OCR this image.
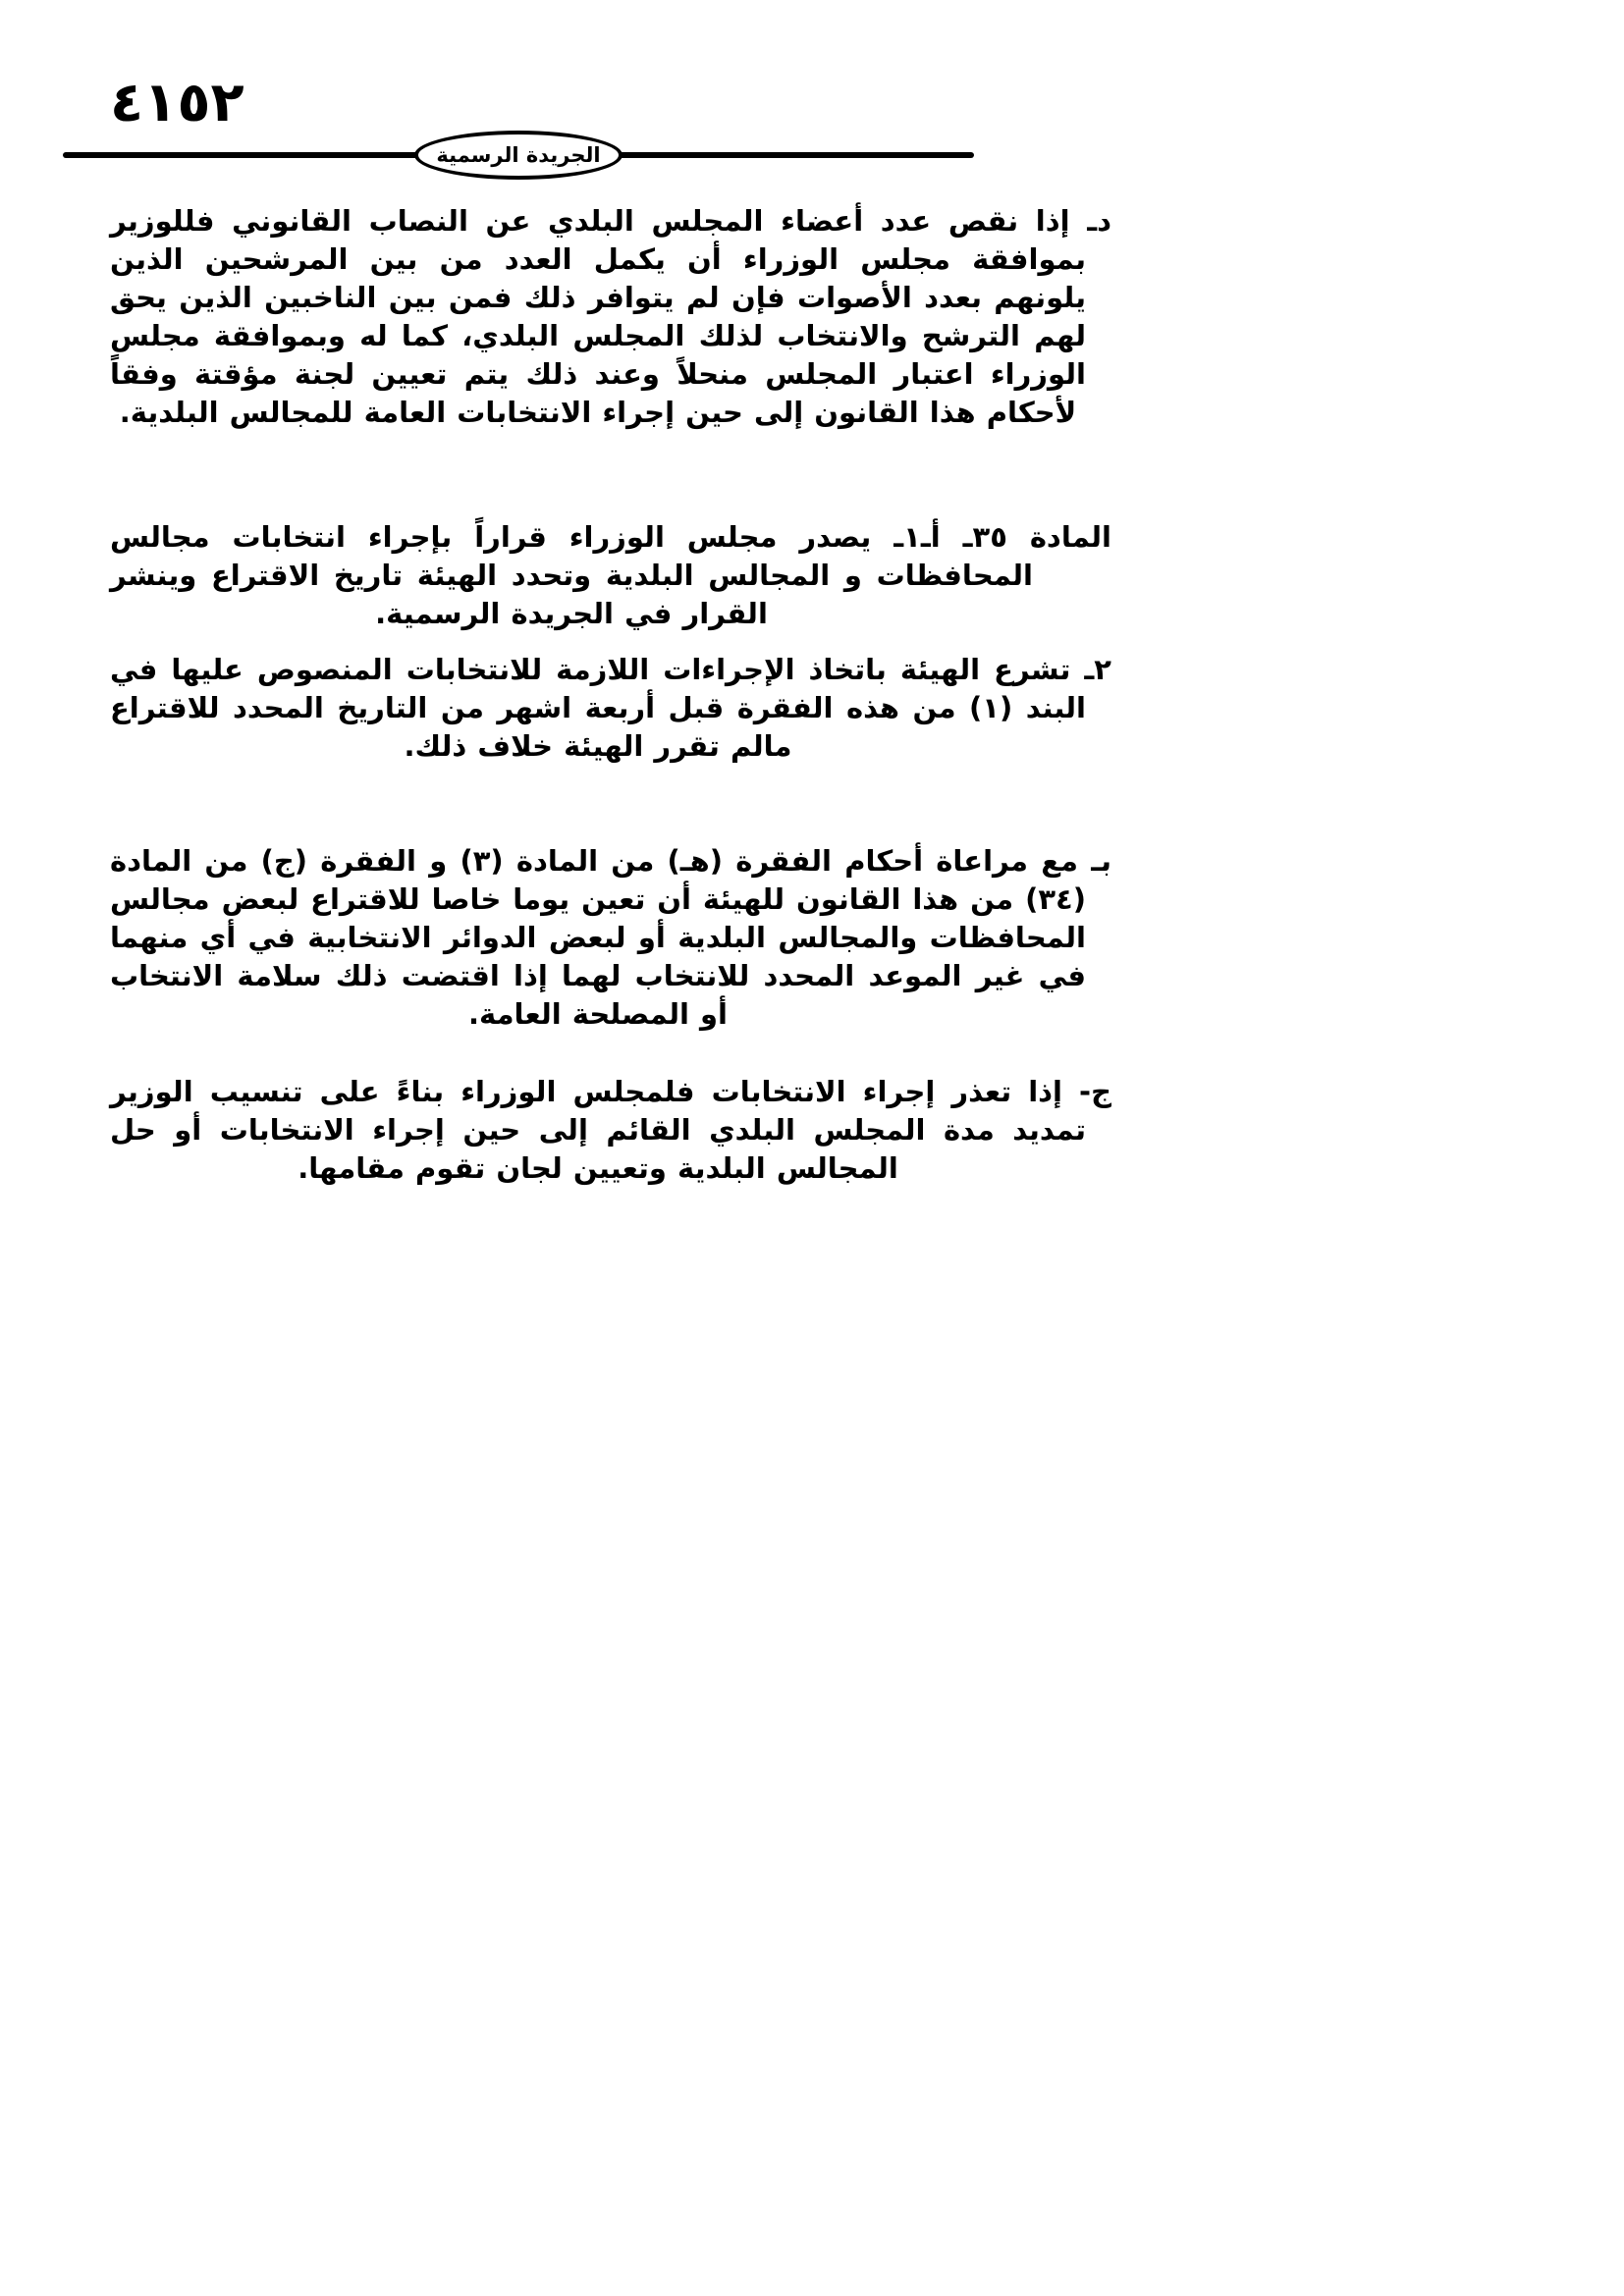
٤١٥٢
الجريدة الرسمية

دـ إذا نقص عدد أعضاء المجلس البلدي عن النصاب القانوني فللوزير بموافقة مجلس الوزراء أن يكمل العدد من بين المرشحين الذين يلونهم بعدد الأصوات فإن لم يتوافر ذلك فمن بين الناخبين الذين يحق لهم الترشح والانتخاب لذلك المجلس البلدي، كما له وبموافقة مجلس الوزراء اعتبار المجلس منحلاً وعند ذلك يتم تعيين لجنة مؤقتة وفقاً لأحكام هذا القانون إلى حين إجراء الانتخابات العامة للمجالس البلدية.

المادة ٣٥ـ أـ١ـ يصدر مجلس الوزراء قراراً بإجراء انتخابات مجالس المحافظات و المجالس البلدية وتحدد الهيئة تاريخ الاقتراع وينشر القرار في الجريدة الرسمية.

٢ـ تشرع الهيئة باتخاذ الإجراءات اللازمة للانتخابات المنصوص عليها في البند (١) من هذه الفقرة قبل أربعة اشهر من التاريخ المحدد للاقتراع مالم تقرر الهيئة خلاف ذلك.

بـ مع مراعاة أحكام الفقرة (هـ) من المادة (٣) و الفقرة (ج) من المادة (٣٤) من هذا القانون للهيئة أن تعين يوما خاصا للاقتراع لبعض مجالس المحافظات والمجالس البلدية أو لبعض الدوائر الانتخابية في أي منهما في غير الموعد المحدد للانتخاب لهما إذا اقتضت ذلك سلامة الانتخاب أو المصلحة العامة.

ج- إذا تعذر إجراء الانتخابات فلمجلس الوزراء بناءً على تنسيب الوزير تمديد مدة المجلس البلدي القائم إلى حين إجراء الانتخابات أو حل المجالس البلدية وتعيين لجان تقوم مقامها.
